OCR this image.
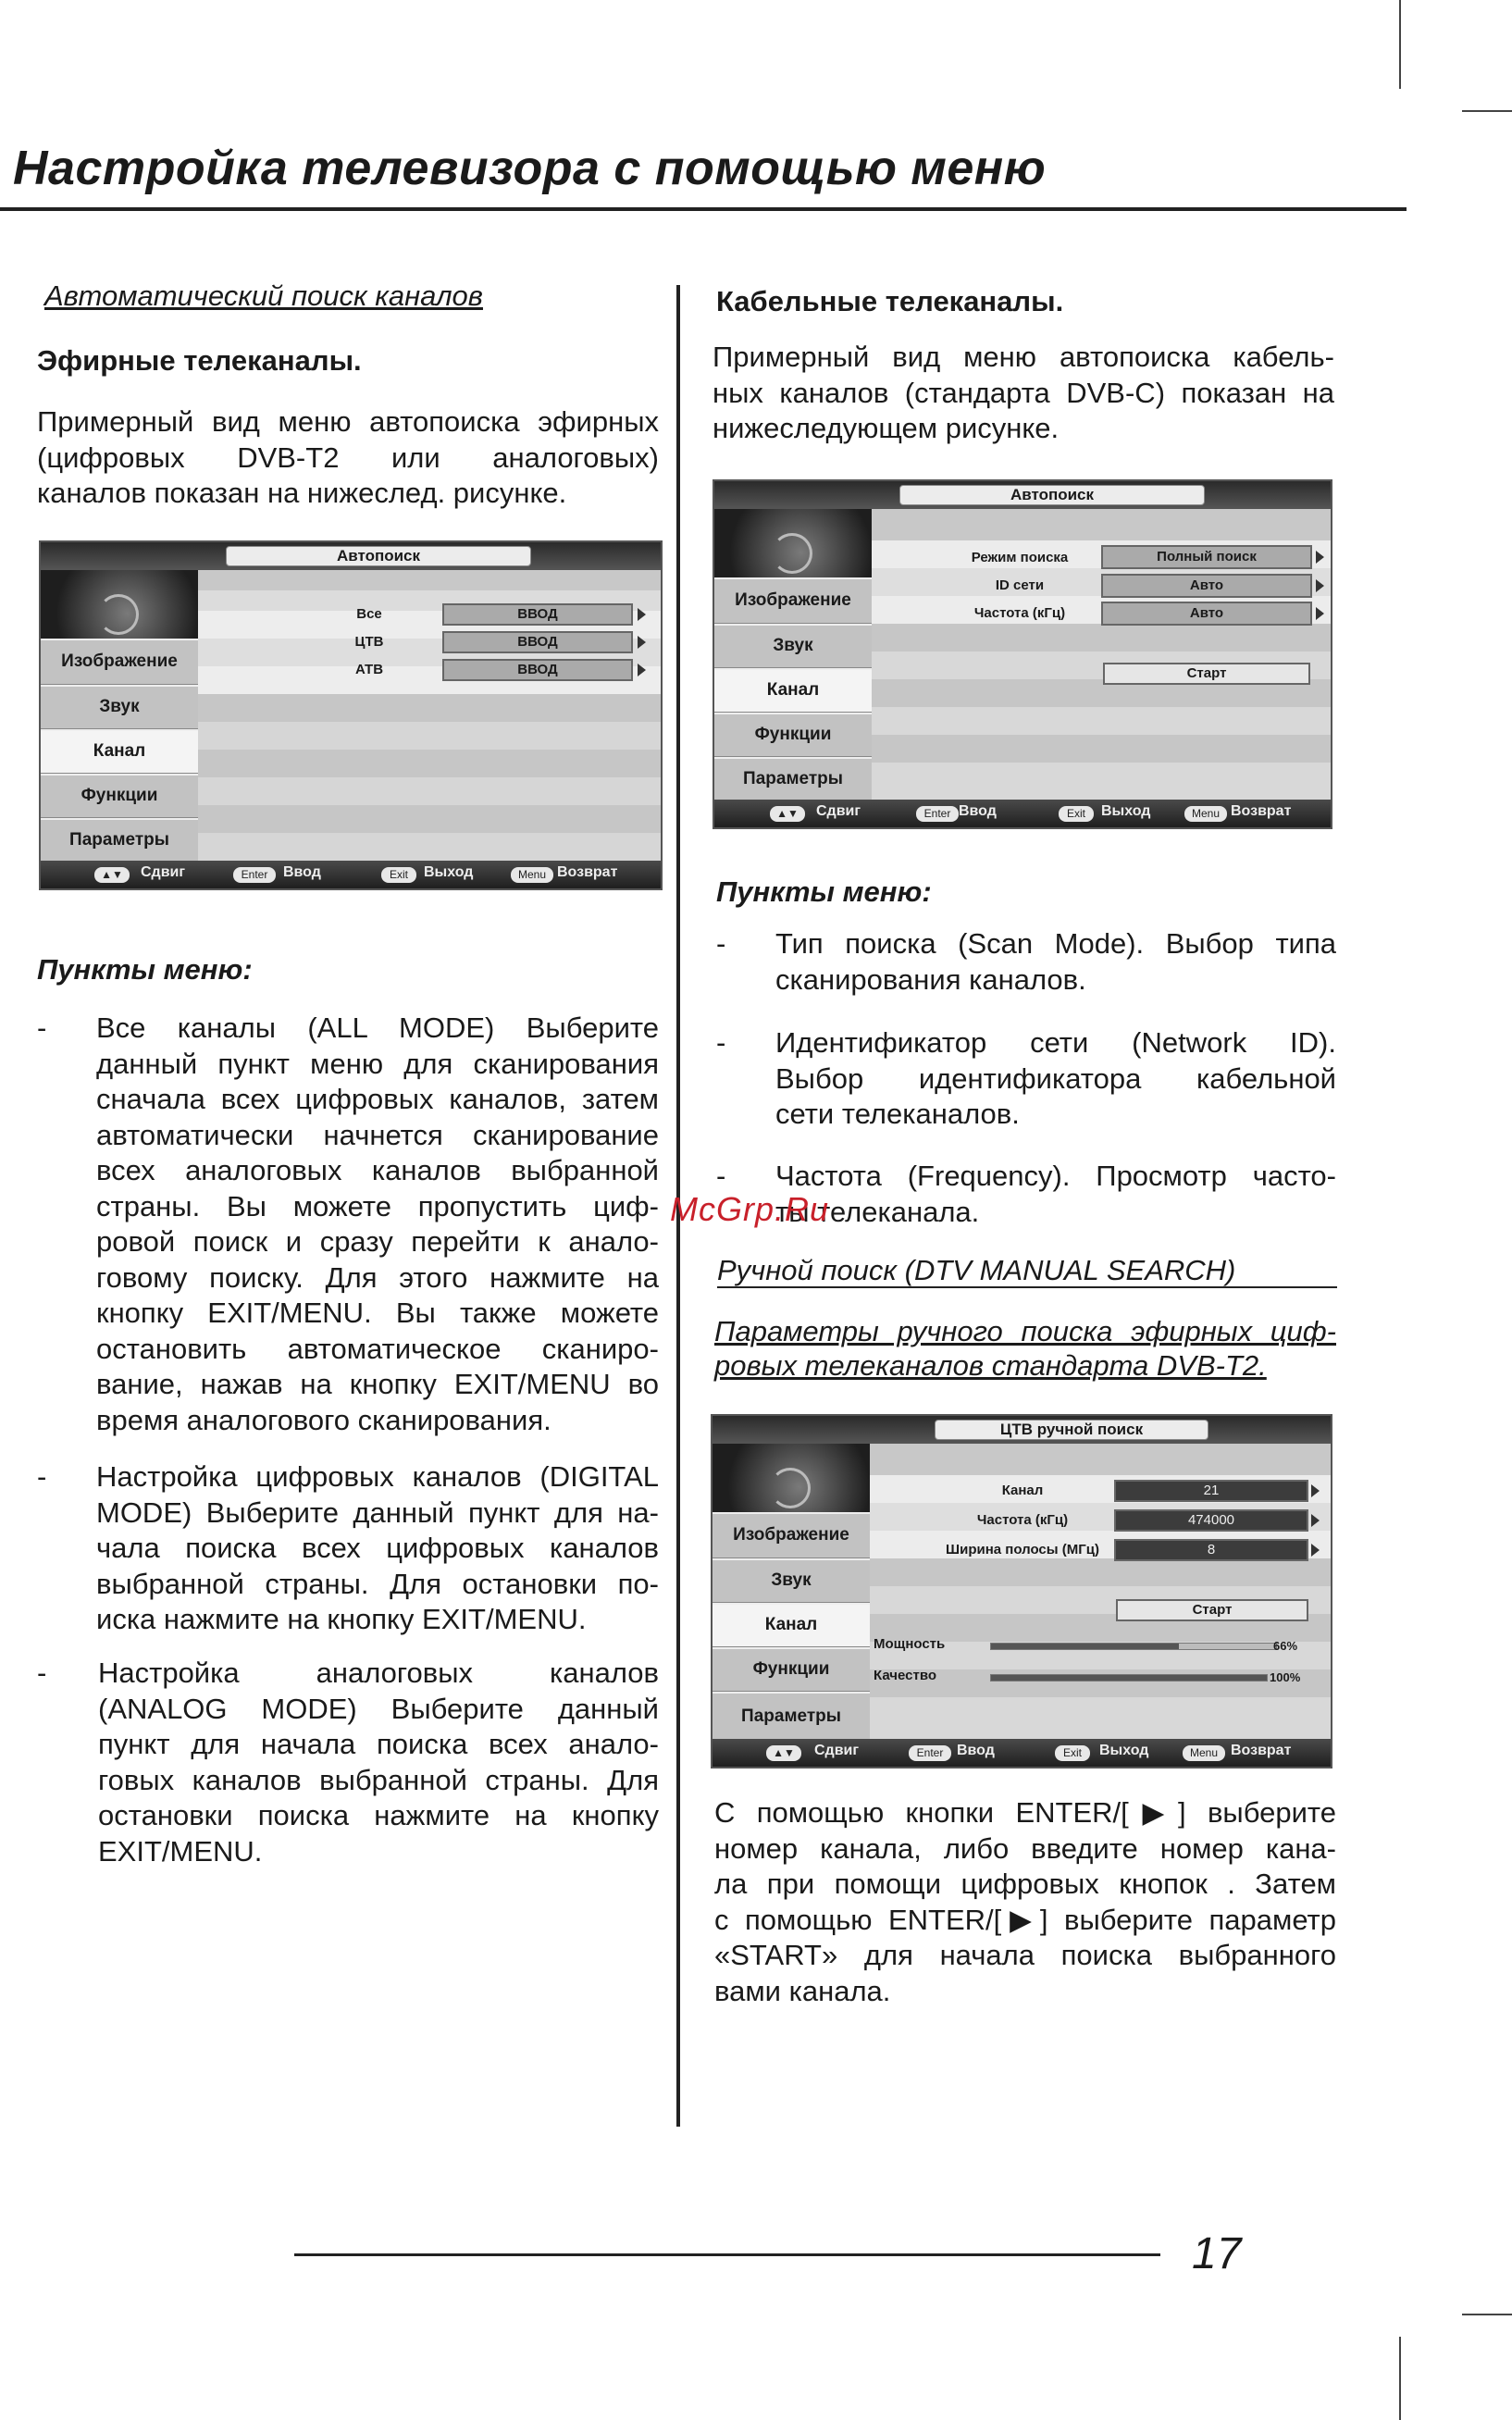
Настройка телевизора с помощью меню
Автоматический поиск каналов
Эфирные телеканалы.
Примерный вид меню автопоиска эфирных
(цифровых DVB-T2 или аналоговых)
каналов показан на нижеслед. рисунке.
Автопоиск
Изображение
Звук
Канал
Функции
Параметры
Все	ВВОД
ЦТВ	ВВОД
АТВ	ВВОД
▲▼	Сдвиг	Enter	Ввод	Exit	Выход	Menu Возврат
Пункты меню:
- Все каналы (ALL MODE) Выберите
данный пункт меню для сканирования
сначала всех цифровых каналов, затем
автоматически начнется сканирование
всех аналоговых каналов выбранной
страны. Вы можете пропустить циф-
ровой поиск и сразу перейти к анало-
говому поиску. Для этого нажмите на
кнопку EXIT/MENU. Вы также можете
остановить автоматическое сканиро-
вание, нажав на кнопку EXIT/MENU во
время аналогового сканирования.
- Настройка цифровых каналов (DIGITAL
MODE) Выберите данный пункт для на-
чала поиска всех цифровых каналов
выбранной страны. Для остановки по-
иска нажмите на кнопку EXIT/MENU.
- Настройка аналоговых каналов
(ANALOG MODE) Выберите данный
пункт для начала поиска всех анало-
говых каналов выбранной страны. Для
остановки поиска нажмите на кнопку
EXIT/MENU.
Кабельные телеканалы.
Примерный вид меню автопоиска кабель-
ных каналов (стандарта DVB-C) показан на
нижеследующем рисунке.
Автопоиск
Изображение
Звук
Канал
Функции
Параметры
Режим поиска	Полный поиск
ID сети	Авто
Частота (кГц)	Авто
Старт
▲▼	Сдвиг	Enter Ввод	Exit	Выход	Menu Возврат
Пункты меню:
- Тип поиска (Scan Mode). Выбор типа
сканирования каналов.
- Идентификатор сети (Network ID).
Выбор идентификатора кабельной
сети телеканалов.
- Частота (Frequency). Просмотр часто-
ты телеканала.
McGrp.Ru
Ручной поиск (DTV MANUAL SEARCH)
Параметры ручного поиска эфирных циф-
ровых телеканалов стандарта DVB-T2.
ЦТВ ручной поиск
Изображение
Звук
Канал
Функции
Параметры
Канал	21
Частота (кГц)	474000
Ширина полосы (МГц)	8
Старт
Мощность	66%
Качество	100%
▲▼	Сдвиг	Enter Ввод	Exit	Выход	Menu Возврат
С помощью кнопки ENTER/[▶] выберите
номер канала, либо введите номер кана-
ла при помощи цифровых кнопок . Затем
с помощью ENTER/[▶] выберите параметр
«START» для начала поиска выбранного
вами канала.
17
